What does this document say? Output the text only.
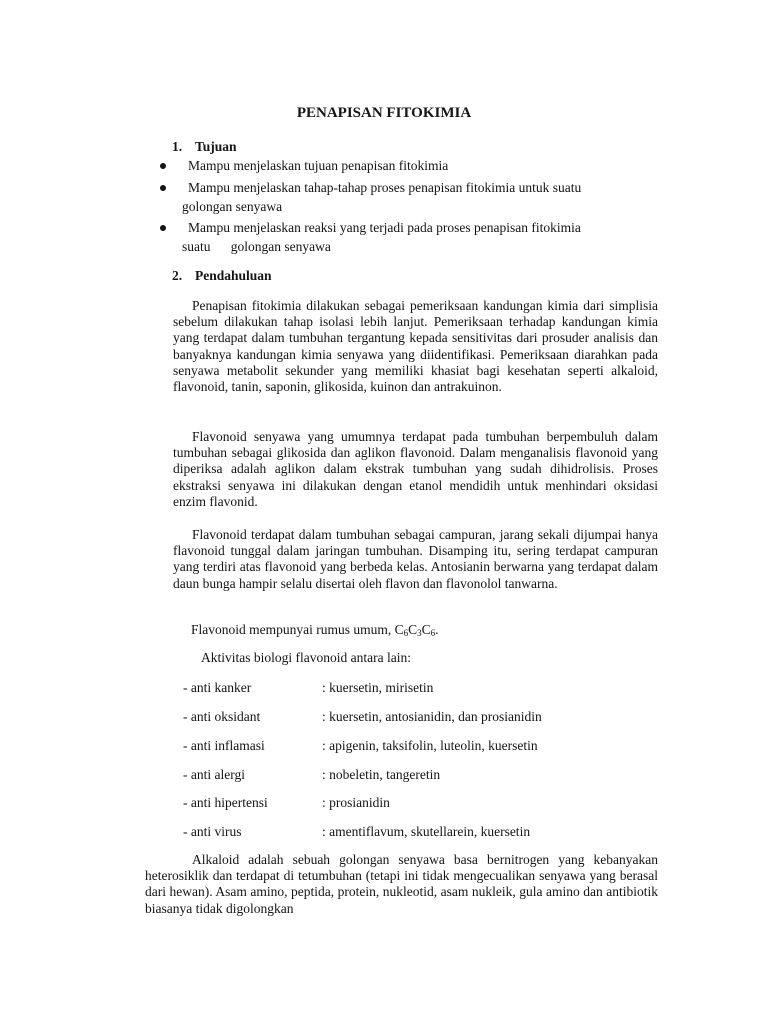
PENAPISAN FITOKIMIA
1. Tujuan
Mampu menjelaskan tujuan penapisan fitokimia
Mampu menjelaskan tahap-tahap proses penapisan fitokimia untuk suatu
golongan senyawa
Mampu menjelaskan reaksi yang terjadi pada proses penapisan fitokimia
suatu      golongan senyawa
2. Pendahuluan

Penapisan fitokimia dilakukan sebagai pemeriksaan kandungan kimia dari simplisia sebelum dilakukan tahap isolasi lebih lanjut. Pemeriksaan terhadap kandungan kimia yang terdapat dalam tumbuhan tergantung kepada sensitivitas dari prosuder analisis dan banyaknya kandungan kimia senyawa yang diidentifikasi. Pemeriksaan diarahkan pada senyawa metabolit sekunder yang memiliki khasiat bagi kesehatan seperti alkaloid, flavonoid, tanin, saponin, glikosida, kuinon dan antrakuinon.

Flavonoid senyawa yang umumnya terdapat pada tumbuhan berpembuluh dalam tumbuhan sebagai glikosida dan aglikon flavonoid. Dalam menganalisis flavonoid yang diperiksa adalah aglikon dalam ekstrak tumbuhan yang sudah dihidrolisis. Proses ekstraksi senyawa ini dilakukan dengan etanol mendidih untuk menhindari oksidasi enzim flavonid.

Flavonoid terdapat dalam tumbuhan sebagai campuran, jarang sekali dijumpai hanya flavonoid tunggal dalam jaringan tumbuhan. Disamping itu, sering terdapat campuran yang terdiri atas flavonoid yang berbeda kelas. Antosianin berwarna yang terdapat dalam daun bunga hampir selalu disertai oleh flavon dan flavonolol tanwarna.

Flavonoid mempunyai rumus umum, $C_6C_3C_6$.
Aktivitas biologi flavonoid antara lain:
- anti kanker	: kuersetin, mirisetin
- anti oksidant	: kuersetin, antosianidin, dan prosianidin
- anti inflamasi	: apigenin, taksifolin, luteolin, kuersetin
- anti alergi	: nobeletin, tangeretin
- anti hipertensi	: prosianidin
- anti virus	: amentiflavum, skutellarein, kuersetin

Alkaloid adalah sebuah golongan senyawa basa bernitrogen yang kebanyakan heterosiklik dan terdapat di tetumbuhan (tetapi ini tidak mengecualikan senyawa yang berasal dari hewan). Asam amino, peptida, protein, nukleotid, asam nukleik, gula amino dan antibiotik biasanya tidak digolongkan
